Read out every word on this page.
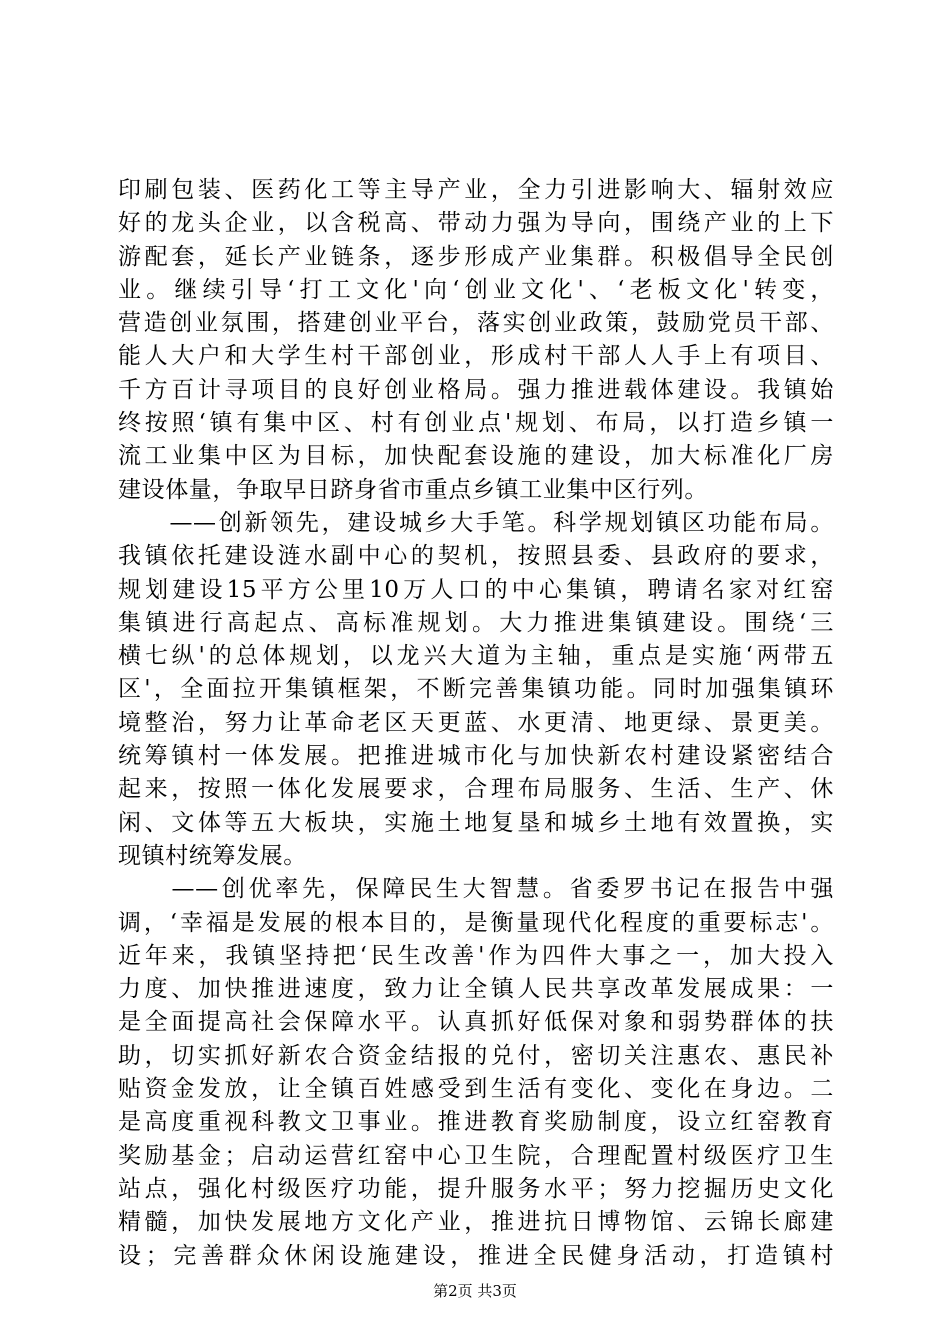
印刷包装、医药化工等主导产业，全力引进影响大、辐射效应
好的龙头企业，以含税高、带动力强为导向，围绕产业的上下
游配套，延长产业链条，逐步形成产业集群。积极倡导全民创
业。继续引导‘打工文化'向‘创业文化'、‘老板文化'转变，
营造创业氛围，搭建创业平台，落实创业政策，鼓励党员干部、
能人大户和大学生村干部创业，形成村干部人人手上有项目、
千方百计寻项目的良好创业格局。强力推进载体建设。我镇始
终按照‘镇有集中区、村有创业点'规划、布局，以打造乡镇一
流工业集中区为目标，加快配套设施的建设，加大标准化厂房
建设体量，争取早日跻身省市重点乡镇工业集中区行列。
　　——创新领先，建设城乡大手笔。科学规划镇区功能布局。
我镇依托建设涟水副中心的契机，按照县委、县政府的要求，
规划建设15平方公里10万人口的中心集镇，聘请名家对红窑
集镇进行高起点、高标准规划。大力推进集镇建设。围绕‘三
横七纵'的总体规划，以龙兴大道为主轴，重点是实施‘两带五
区'，全面拉开集镇框架，不断完善集镇功能。同时加强集镇环
境整治，努力让革命老区天更蓝、水更清、地更绿、景更美。
统筹镇村一体发展。把推进城市化与加快新农村建设紧密结合
起来，按照一体化发展要求，合理布局服务、生活、生产、休
闲、文体等五大板块，实施土地复垦和城乡土地有效置换，实
现镇村统筹发展。
　　——创优率先，保障民生大智慧。省委罗书记在报告中强
调，‘幸福是发展的根本目的，是衡量现代化程度的重要标志'。
近年来，我镇坚持把‘民生改善'作为四件大事之一，加大投入
力度、加快推进速度，致力让全镇人民共享改革发展成果：一
是全面提高社会保障水平。认真抓好低保对象和弱势群体的扶
助，切实抓好新农合资金结报的兑付，密切关注惠农、惠民补
贴资金发放，让全镇百姓感受到生活有变化、变化在身边。二
是高度重视科教文卫事业。推进教育奖励制度，设立红窑教育
奖励基金；启动运营红窑中心卫生院，合理配置村级医疗卫生
站点，强化村级医疗功能，提升服务水平；努力挖掘历史文化
精髓，加快发展地方文化产业，推进抗日博物馆、云锦长廊建
设；完善群众休闲设施建设，推进全民健身活动，打造镇村
第2页 共3页
